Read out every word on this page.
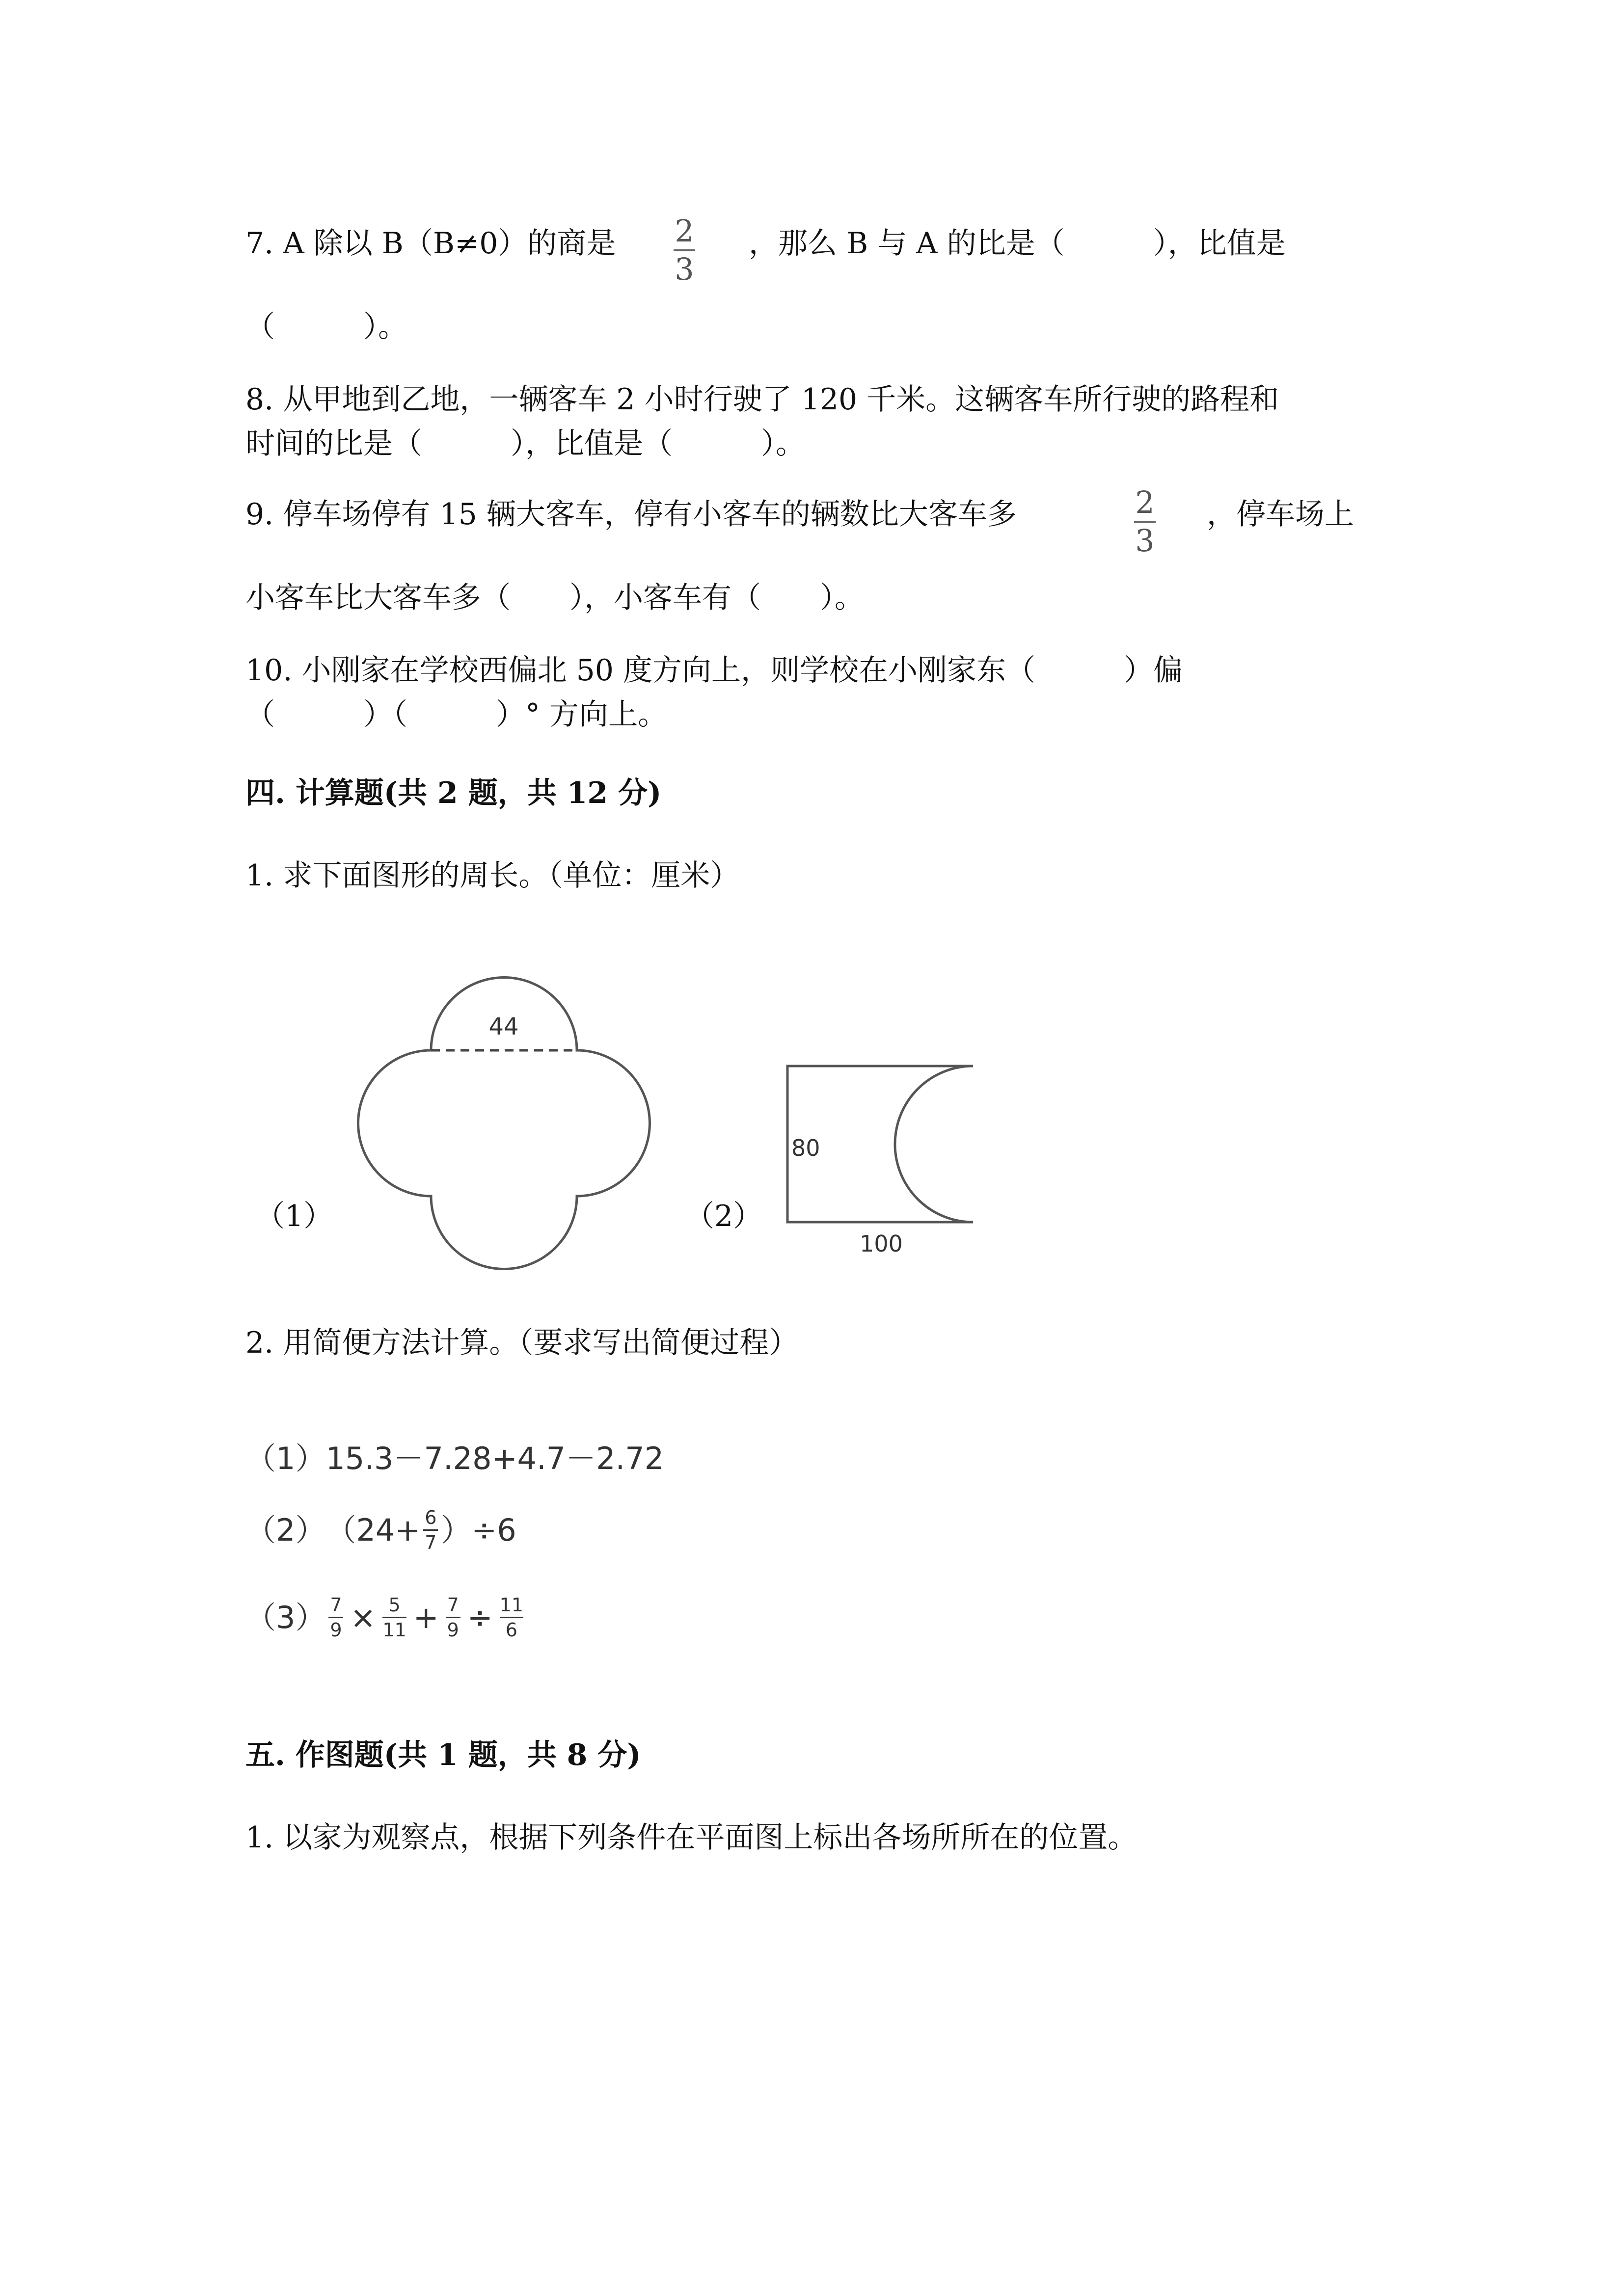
7. A 除以 B（B≠0）的商是 2
3
，那么 B 与 A 的比是（　　　），比值是
（　　　）。
8. 从甲地到乙地，一辆客车 2 小时行驶了 120 千米。这辆客车所行驶的路程和
时间的比是（　　　），比值是（　　　）。
9. 停车场停有 15 辆大客车，停有小客车的辆数比大客车多	2
3
，停车场上
小客车比大客车多（　　），小客车有（　　）。
10. 小刚家在学校西偏北 50 度方向上，则学校在小刚家东（　　　）偏
（　　　）（　　　）° 方向上。
四. 计算题(共 2 题，共 12 分)
1. 求下面图形的周长。（单位：厘米）
（1）
44
（2）
80
100
2. 用简便方法计算。（要求写出简便过程）
（1） 15.3－7.28+4.7－2.72
（2） （24+ 6
7 ）÷6
（3） 7
9 × 5
11 + 7
9 ÷ 11
6
五. 作图题(共 1 题，共 8 分)
1. 以家为观察点，根据下列条件在平面图上标出各场所所在的位置。
